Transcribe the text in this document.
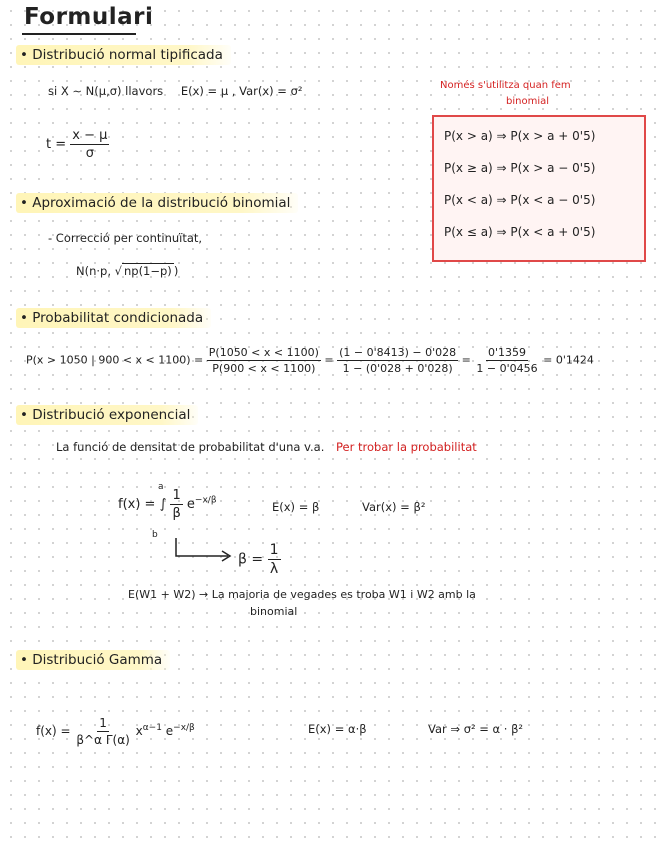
Formulari
• Distribució normal tipificada
si X ∼ N(μ,σ) llavors E(x) = μ , Var(x) = σ²
$t = \frac{x - \mu}{\sigma}$
Només s'utilitza quan fem
binomial
P(x > a) ⇒ P(x > a + 0'5)
P(x ≥ a) ⇒ P(x > a − 0'5)
P(x < a) ⇒ P(x < a − 0'5)
P(x ≤ a) ⇒ P(x < a + 0'5)
• Aproximació de la distribució binomial
- Correcció per continuïtat,
N(n·p, √ np(1−p) )
• Probabilitat condicionada
P(x > 1050 | $900 < x < 1100) = \frac{P(1050 < x < 1100)}{P(900 < x < 1100)} = \frac{(1 - 0'8413) - 0'028}{1 - (0'028 + 0'028)} = \frac{0'1359}{1 - 0'0456} = 0'1424$
• Distribució exponencial
La funció de densitat de probabilitat d'una v.a. Per trobar la probabilitat
f(x) = ∫ $\frac{1}{\beta} e^{-x/\beta}$
a
b
E(x) = β	Var(x) = β²
$\beta = \frac{1}{\lambda}$
E(W1 + W2) → La majoria de vegades es troba W1 i W2 amb la
binomial
• Distribució Gamma
$f(x) = \frac{1}{\text{β\textasciicircum{}α Γ(α)}} x^{\alpha-1}$ $e^{-x/\beta}$	E(x) = α·β	Var ⇒ σ² = α · β²
